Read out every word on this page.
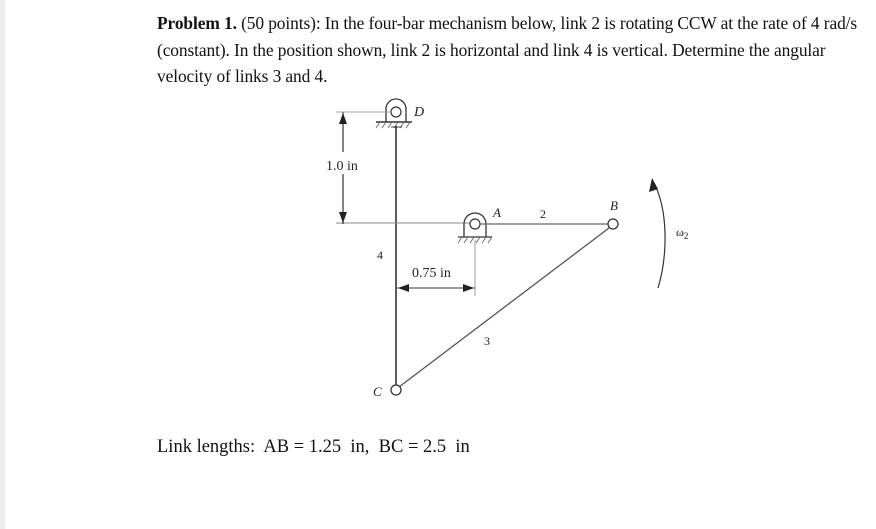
Problem 1. (50 points): In the four-bar mechanism below, link 2 is rotating CCW at the rate of 4 rad/s (constant). In the position shown, link 2 is horizontal and link 4 is vertical. Determine the angular velocity of links 3 and 4.
D
A	B
C
2
3
4
1.0 in
0.75 in
$\omega_2$
Link lengths:  AB = 1.25  in,  BC = 2.5  in
